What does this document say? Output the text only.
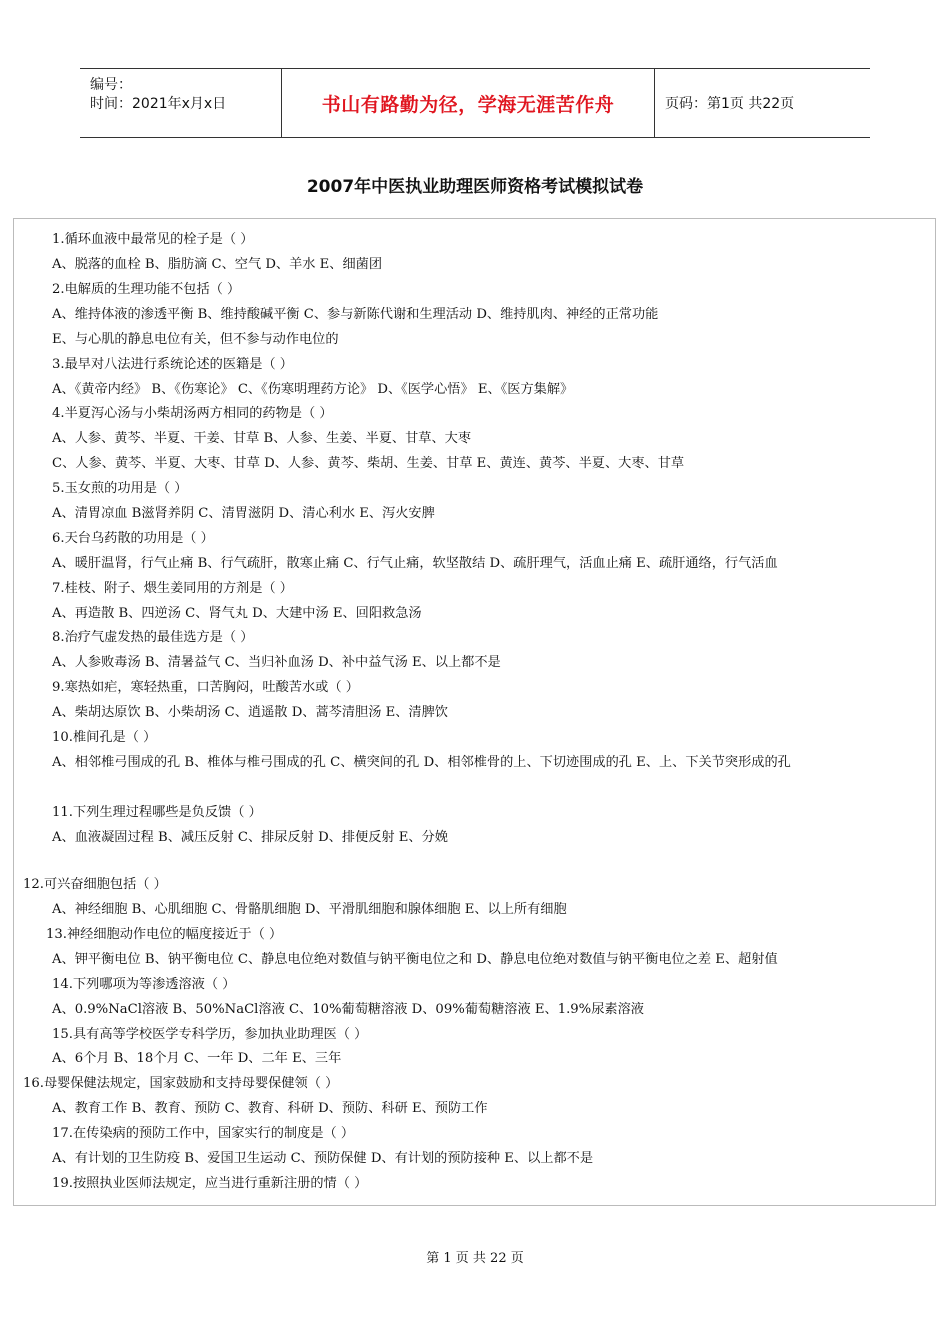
编号：
时间：2021年x月x日	书山有路勤为径，学海无涯苦作舟	页码：第1页 共22页
2007年中医执业助理医师资格考试模拟试卷
1.循环血液中最常见的栓子是（ ）
A、脱落的血栓 B、脂肪滴 C、空气 D、羊水 E、细菌团
2.电解质的生理功能不包括（ ）
A、维持体液的渗透平衡 B、维持酸碱平衡 C、参与新陈代谢和生理活动 D、维持肌肉、神经的正常功能
E、与心肌的静息电位有关，但不参与动作电位的
3.最早对八法进行系统论述的医籍是（ ）
A、《黄帝内经》 B、《伤寒论》 C、《伤寒明理药方论》 D、《医学心悟》 E、《医方集解》
4.半夏泻心汤与小柴胡汤两方相同的药物是（ ）
A、人参、黄芩、半夏、干姜、甘草 B、人参、生姜、半夏、甘草、大枣
C、人参、黄芩、半夏、大枣、甘草 D、人参、黄芩、柴胡、生姜、甘草 E、黄连、黄芩、半夏、大枣、甘草
5.玉女煎的功用是（ ）
A、清胃凉血 B滋肾养阴 C、清胃滋阴 D、清心利水 E、泻火安脾
6.天台乌药散的功用是（ ）
A、暖肝温肾，行气止痛 B、行气疏肝，散寒止痛 C、行气止痛，软坚散结 D、疏肝理气，活血止痛 E、疏肝通络，行气活血
7.桂枝、附子、煨生姜同用的方剂是（ ）
A、再造散 B、四逆汤 C、肾气丸 D、大建中汤 E、回阳救急汤
8.治疗气虚发热的最佳选方是（ ）
A、人参败毒汤 B、清暑益气 C、当归补血汤 D、补中益气汤 E、以上都不是
9.寒热如疟，寒轻热重，口苦胸闷，吐酸苦水或（ ）
A、柴胡达原饮 B、小柴胡汤 C、逍遥散 D、蒿芩清胆汤 E、清脾饮
10.椎间孔是（ ）
A、相邻椎弓围成的孔 B、椎体与椎弓围成的孔 C、横突间的孔 D、相邻椎骨的上、下切迹围成的孔 E、上、下关节突形成的孔
11.下列生理过程哪些是负反馈（ ）
A、血液凝固过程 B、减压反射 C、排尿反射 D、排便反射 E、分娩
12.可兴奋细胞包括（ ）
A、神经细胞 B、心肌细胞 C、骨骼肌细胞 D、平滑肌细胞和腺体细胞 E、以上所有细胞
13.神经细胞动作电位的幅度接近于（ ）
A、钾平衡电位 B、钠平衡电位 C、静息电位绝对数值与钠平衡电位之和 D、静息电位绝对数值与钠平衡电位之差 E、超射值
14.下列哪项为等渗透溶液（ ）
A、0.9%NaCl溶液 B、50%NaCl溶液 C、10%葡萄糖溶液 D、09%葡萄糖溶液 E、1.9%尿素溶液
15.具有高等学校医学专科学历，参加执业助理医（ ）
A、6个月 B、18个月 C、一年 D、二年 E、三年
16.母婴保健法规定，国家鼓励和支持母婴保健领（ ）
A、教育工作 B、教育、预防 C、教育、科研 D、预防、科研 E、预防工作
17.在传染病的预防工作中，国家实行的制度是（ ）
A、有计划的卫生防疫 B、爱国卫生运动 C、预防保健 D、有计划的预防接种 E、以上都不是
19.按照执业医师法规定，应当进行重新注册的情（ ）
第 1 页 共 22 页
